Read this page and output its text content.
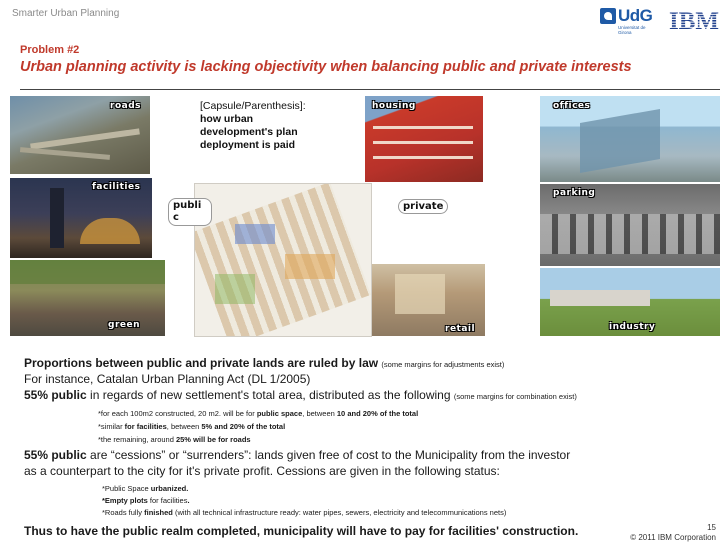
Smarter Urban Planning	UdG
Universitat de Girona	IBM
Problem #2
Urban planning activity is lacking objectivity when balancing public and private interests
roads
facilities
green
housing	offices
parking
retail	industry
[Capsule/Parenthesis]:
how urban
development's plan
deployment is paid
public
private
Proportions between public and private lands are ruled by law (some margins for adjustments exist)
For instance, Catalan Urban Planning Act (DL 1/2005)
55% public in regards of new settlement's total area, distributed as the following (some margins for combination exist)
*for each 100m2 constructed, 20 m2. will be for public space, between 10 and 20% of the total
*similar for facilities, between 5% and 20% of the total
*the remaining, around 25% will be for roads
55% public are “cessions” or “surrenders”: lands given free of cost to the Municipality from the investor
as a counterpart to the city for it's private profit. Cessions are given in the following status:
*Public Space urbanized.
*Empty plots for facilities.
*Roads fully finished (with all technical infrastructure ready: water pipes, sewers, electricity and telecommunications nets)
Thus to have the public realm completed, municipality will have to pay for facilities' construction.	15
© 2011 IBM Corporation
